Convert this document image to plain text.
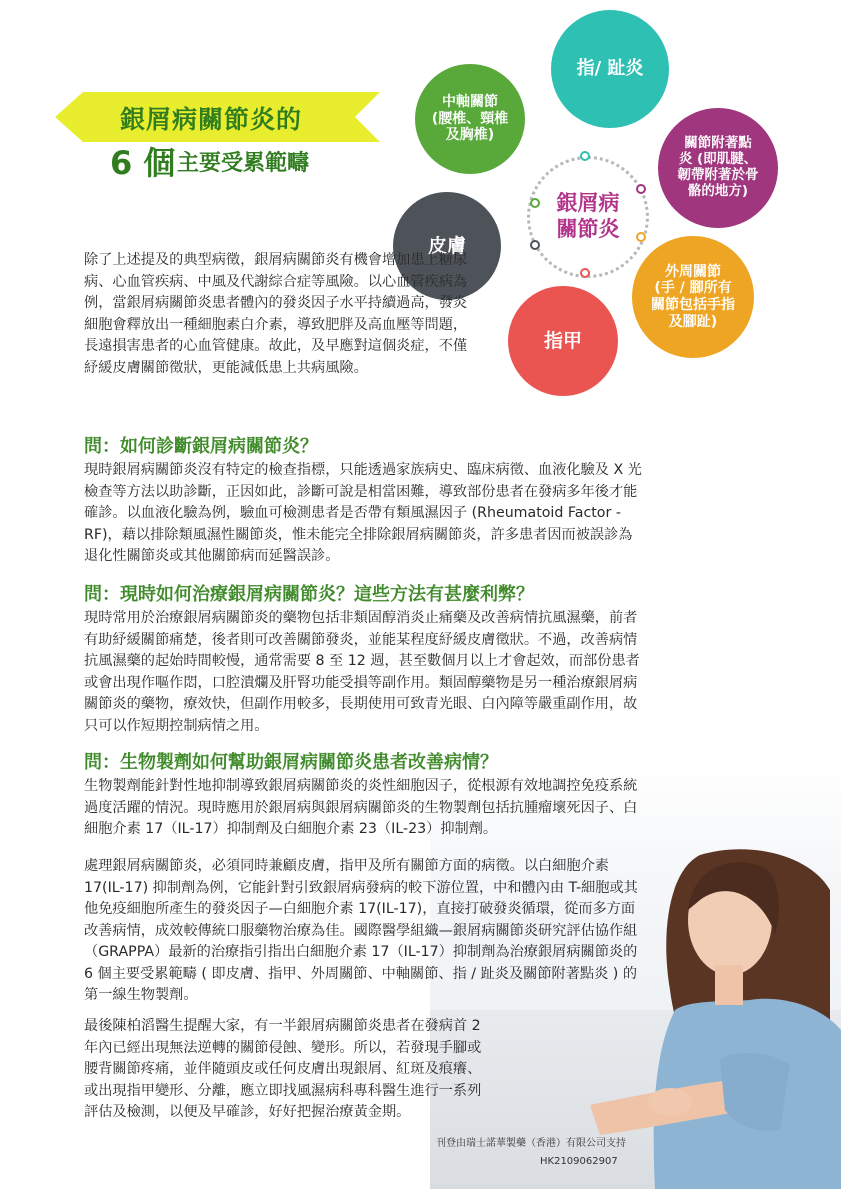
銀屑病關節炎的
6 個 主要受累範疇
中軸關節
(腰椎、頸椎
及胸椎)
指/ 趾炎
關節附著點
炎 (即肌腱、
韌帶附著於骨
骼的地方)
外周關節
(手 / 腳所有
關節包括手指
及腳趾)
指甲
皮膚
銀屑病
關節炎
除了上述提及的典型病徵，銀屑病關節炎有機會增加患上糖尿病、心血管疾病、中風及代謝綜合症等風險。以心血管疾病為例，當銀屑病關節炎患者體內的發炎因子水平持續過高，發炎細胞會釋放出一種細胞素白介素，導致肥胖及高血壓等問題，長遠損害患者的心血管健康。故此，及早應對這個炎症，不僅紓緩皮膚關節徵狀，更能減低患上共病風險。
問：如何診斷銀屑病關節炎？
現時銀屑病關節炎沒有特定的檢查指標，只能透過家族病史、臨床病徵、血液化驗及 X 光檢查等方法以助診斷，正因如此，診斷可說是相當困難，導致部份患者在發病多年後才能確診。以血液化驗為例，驗血可檢測患者是否帶有類風濕因子 (Rheumatoid Factor - RF)，藉以排除類風濕性關節炎，惟未能完全排除銀屑病關節炎，許多患者因而被誤診為退化性關節炎或其他關節病而延醫誤診。
問：現時如何治療銀屑病關節炎？這些方法有甚麼利弊？
現時常用於治療銀屑病關節炎的藥物包括非類固醇消炎止痛藥及改善病情抗風濕藥，前者有助紓緩關節痛楚，後者則可改善關節發炎，並能某程度紓緩皮膚徵狀。不過，改善病情抗風濕藥的起始時間較慢，通常需要 8 至 12 週，甚至數個月以上才會起效，而部份患者或會出現作嘔作悶，口腔潰爛及肝腎功能受損等副作用。類固醇藥物是另一種治療銀屑病關節炎的藥物，療效快，但副作用較多，長期使用可致青光眼、白內障等嚴重副作用，故只可以作短期控制病情之用。
問：生物製劑如何幫助銀屑病關節炎患者改善病情？
生物製劑能針對性地抑制導致銀屑病關節炎的炎性細胞因子，從根源有效地調控免疫系統過度活躍的情況。現時應用於銀屑病與銀屑病關節炎的生物製劑包括抗腫瘤壞死因子、白細胞介素 17（IL-17）抑制劑及白細胞介素 23（IL-23）抑制劑。
處理銀屑病關節炎，必須同時兼顧皮膚，指甲及所有關節方面的病徵。以白細胞介素 17(IL-17) 抑制劑為例，它能針對引致銀屑病發病的較下游位置，中和體內由 T-細胞或其他免疫細胞所產生的發炎因子—白細胞介素 17(IL-17)，直接打破發炎循環，從而多方面改善病情，成效較傳統口服藥物治療為佳。國際醫學組織—銀屑病關節炎研究評估協作組（GRAPPA）最新的治療指引指出白細胞介素 17（IL-17）抑制劑為治療銀屑病關節炎的 6 個主要受累範疇 ( 即皮膚、指甲、外周關節、中軸關節、指 / 趾炎及關節附著點炎 ) 的第一線生物製劑。
最後陳柏滔醫生提醒大家，有一半銀屑病關節炎患者在發病首 2 年內已經出現無法逆轉的關節侵蝕、變形。所以，若發現手腳或腰背關節疼痛，並伴隨頭皮或任何皮膚出現銀屑、紅斑及痕癢、或出現指甲變形、分離，應立即找風濕病科專科醫生進行一系列評估及檢測，以便及早確診，好好把握治療黃金期。
刊登由瑞士諾華製藥（香港）有限公司支持
HK2109062907
